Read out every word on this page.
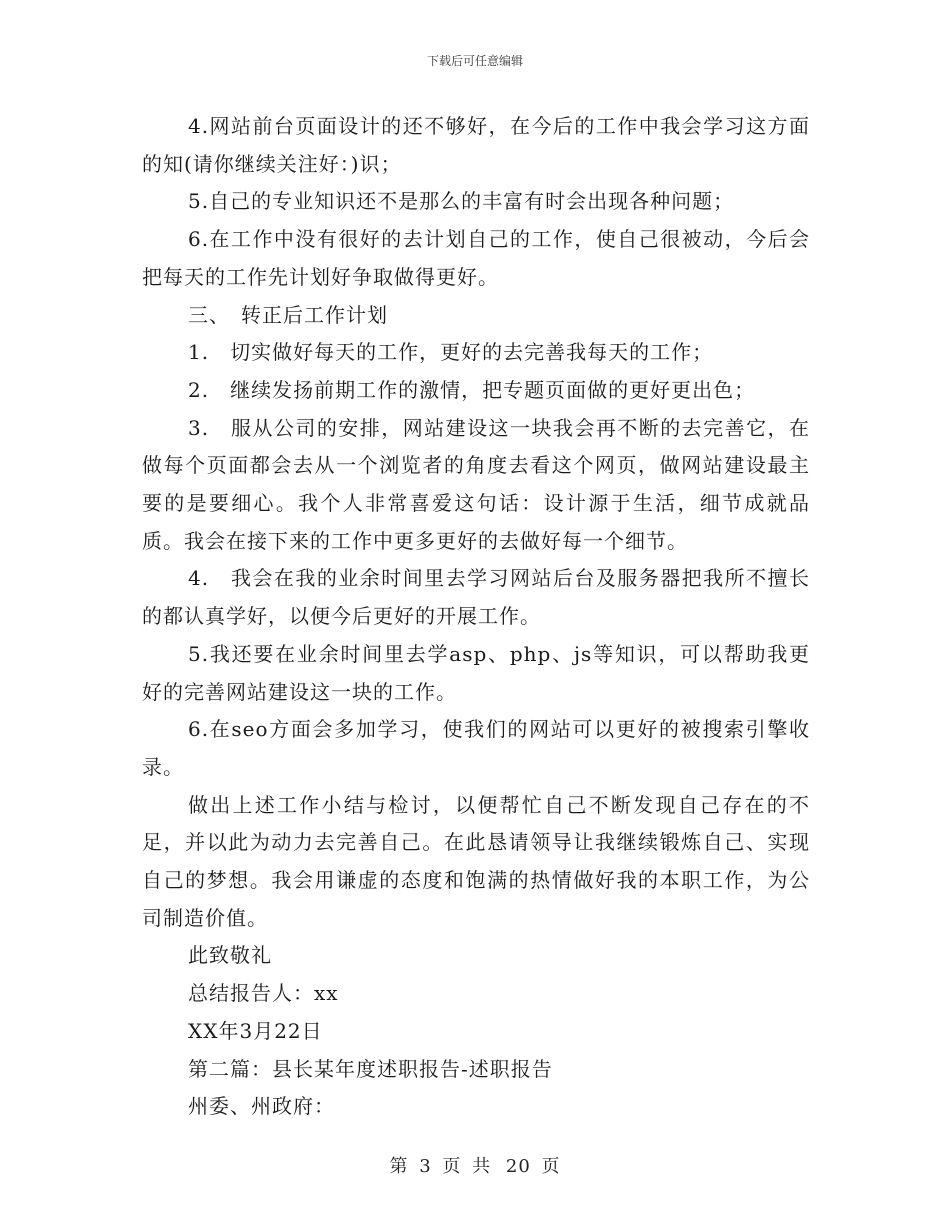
下载后可任意编辑

4.网站前台页面设计的还不够好，在今后的工作中我会学习这方面的知(请你继续关注好：)识；

5.自己的专业知识还不是那么的丰富有时会出现各种问题；

6.在工作中没有很好的去计划自己的工作，使自己很被动，今后会把每天的工作先计划好争取做得更好。

三、　转正后工作计划

1.　切实做好每天的工作，更好的去完善我每天的工作；

2.　继续发扬前期工作的激情，把专题页面做的更好更出色；

3.　服从公司的安排，网站建设这一块我会再不断的去完善它，在做每个页面都会去从一个浏览者的角度去看这个网页，做网站建设最主要的是要细心。我个人非常喜爱这句话：设计源于生活，细节成就品质。我会在接下来的工作中更多更好的去做好每一个细节。

4.　我会在我的业余时间里去学习网站后台及服务器把我所不擅长的都认真学好，以便今后更好的开展工作。

5.我还要在业余时间里去学asp、php、js等知识，可以帮助我更好的完善网站建设这一块的工作。

6.在seo方面会多加学习，使我们的网站可以更好的被搜索引擎收录。

做出上述工作小结与检讨，以便帮忙自己不断发现自己存在的不足，并以此为动力去完善自己。在此恳请领导让我继续锻炼自己、实现自己的梦想。我会用谦虚的态度和饱满的热情做好我的本职工作，为公司制造价值。

此致敬礼

总结报告人：xx

XX年3月22日

第二篇：县长某年度述职报告-述职报告

州委、州政府：

第 3 页 共 20 页
